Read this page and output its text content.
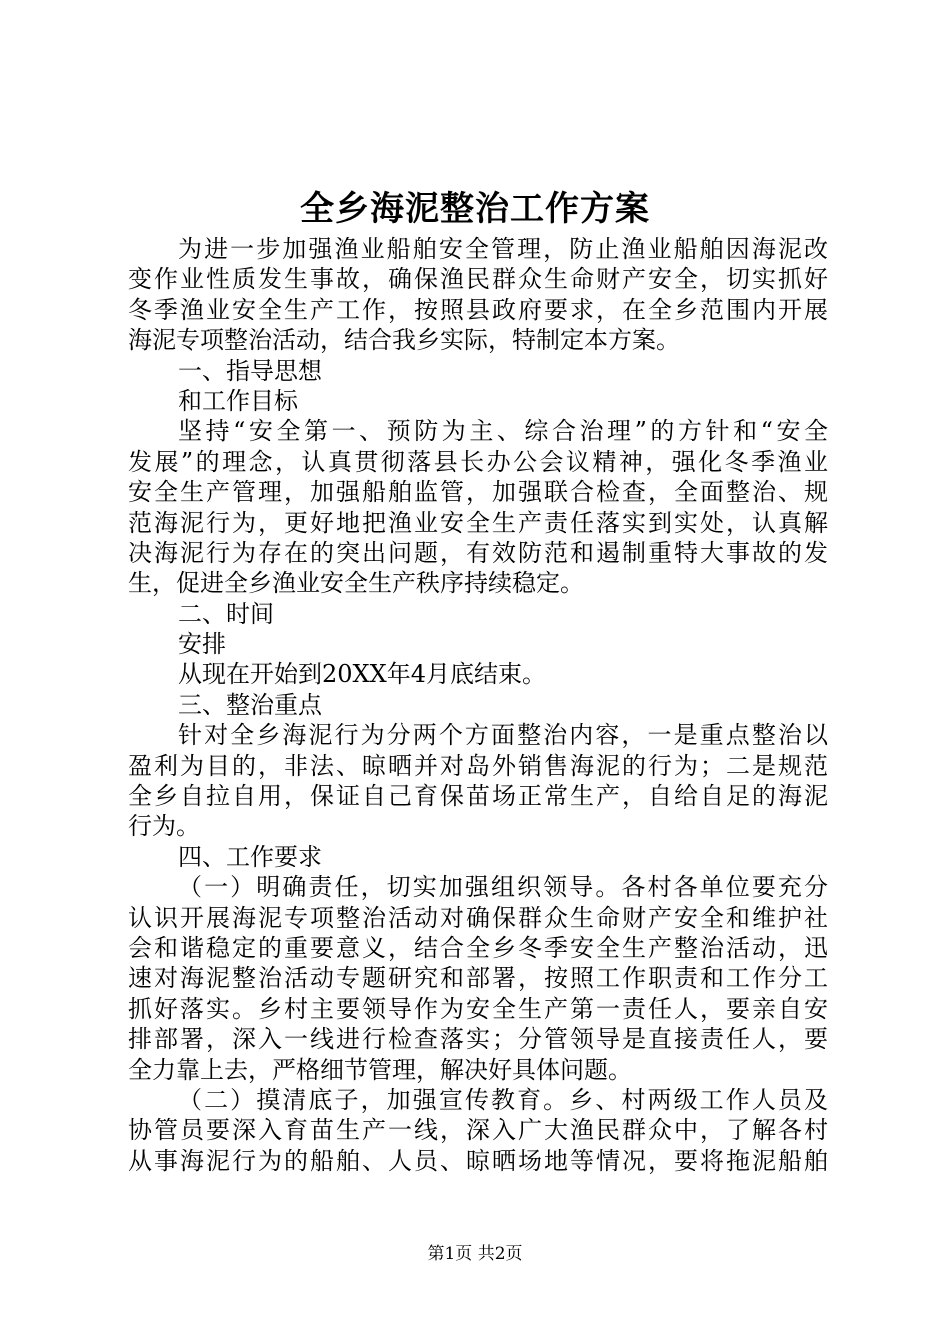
全乡海泥整治工作方案
为进一步加强渔业船舶安全管理，防止渔业船舶因海泥改
变作业性质发生事故，确保渔民群众生命财产安全，切实抓好
冬季渔业安全生产工作，按照县政府要求，在全乡范围内开展
海泥专项整治活动，结合我乡实际，特制定本方案。
一、指导思想
和工作目标
坚持“安全第一、预防为主、综合治理”的方针和“安全
发展”的理念，认真贯彻落县长办公会议精神，强化冬季渔业
安全生产管理，加强船舶监管，加强联合检查，全面整治、规
范海泥行为，更好地把渔业安全生产责任落实到实处，认真解
决海泥行为存在的突出问题，有效防范和遏制重特大事故的发
生，促进全乡渔业安全生产秩序持续稳定。
二、时间
安排
从现在开始到20XX年4月底结束。
三、整治重点
针对全乡海泥行为分两个方面整治内容，一是重点整治以
盈利为目的，非法、晾晒并对岛外销售海泥的行为；二是规范
全乡自拉自用，保证自己育保苗场正常生产，自给自足的海泥
行为。
四、工作要求
（一）明确责任，切实加强组织领导。各村各单位要充分
认识开展海泥专项整治活动对确保群众生命财产安全和维护社
会和谐稳定的重要意义，结合全乡冬季安全生产整治活动，迅
速对海泥整治活动专题研究和部署，按照工作职责和工作分工
抓好落实。乡村主要领导作为安全生产第一责任人，要亲自安
排部署，深入一线进行检查落实；分管领导是直接责任人，要
全力靠上去，严格细节管理，解决好具体问题。
（二）摸清底子，加强宣传教育。乡、村两级工作人员及
协管员要深入育苗生产一线，深入广大渔民群众中，了解各村
从事海泥行为的船舶、人员、晾晒场地等情况，要将拖泥船舶
第1页 共2页
